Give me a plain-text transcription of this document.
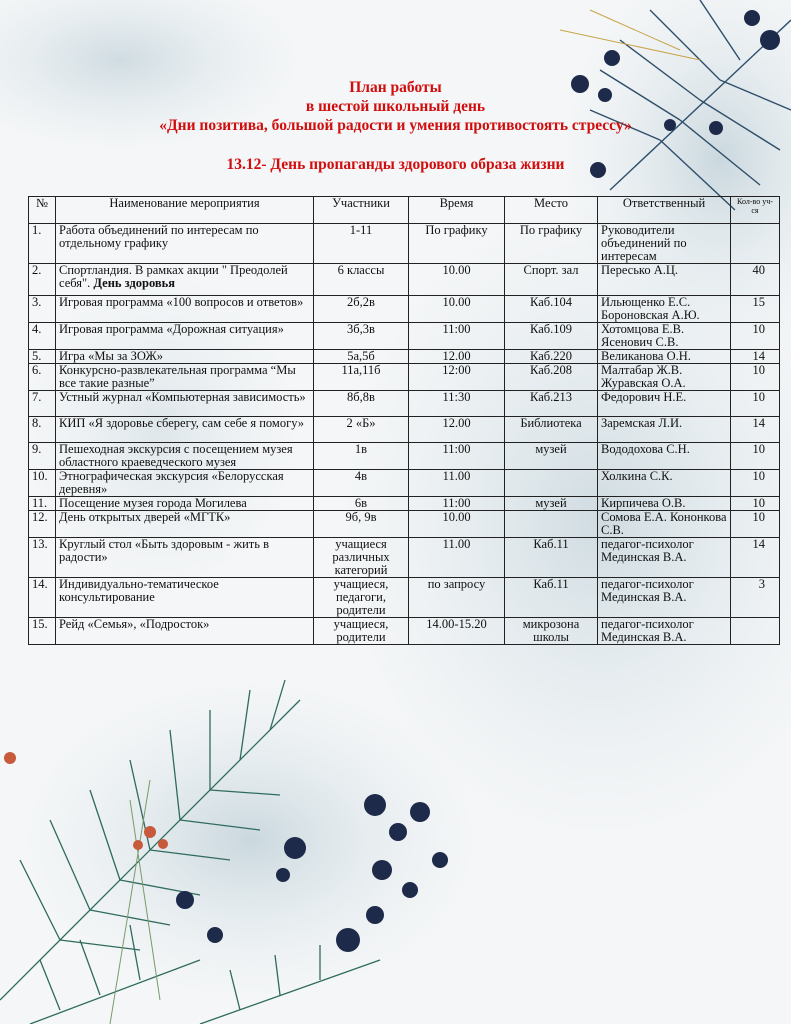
План работы
в шестой школьный день
«Дни позитива, большой радости и умения противостоять стрессу»
13.12- День пропаганды здорового образа жизни
№	Наименование мероприятия	Участники	Время	Место	Ответственный	Кол-во уч-ся
1.	Работа объединений по интересам по отдельному графику	1-11	По графику	По графику	Руководители объединений по интересам	
2.	Спортландия. В рамках акции " Преодолей себя". День здоровья	6 классы	10.00	Спорт. зал	Пересько А.Ц.	40
3.	Игровая программа «100 вопросов и ответов»	2б,2в	10.00	Каб.104	Ильющенко Е.С. Бороновская А.Ю.	15
4.	Игровая программа «Дорожная ситуация»	3б,3в	11:00	Каб.109	Хотомцова Е.В. Ясенович С.В.	10
5.	Игра «Мы за ЗОЖ»	5а,5б	12.00	Каб.220	Великанова О.Н.	14
6.	Конкурсно-развлекательная программа “Мы все такие разные”	11а,11б	12:00	Каб.208	Малтабар Ж.В. Журавская О.А.	10
7.	Устный журнал «Компьютерная зависимость»	8б,8в	11:30	Каб.213	Федорович Н.Е.	10
8.	КИП «Я здоровье сберегу, сам себе я помогу»	2 «Б»	12.00	Библиотека	Заремская Л.И.	14
9.	Пешеходная экскурсия с посещением музея областного краеведческого музея	1в	11:00	музей	Вододохова С.Н.	10
10.	Этнографическая экскурсия «Белорусская деревня»	4в	11.00		Холкина С.К.	10
11.	Посещение музея города Могилева	6в	11:00	музей	Кирпичева О.В.	10
12.	День открытых дверей «МГТК»	9б, 9в	10.00		Сомова Е.А. Кононкова С.В.	10
13.	Круглый стол «Быть здоровым - жить в радости»	учащиеся различных категорий	11.00	Каб.11	педагог-психолог Мединская В.А.	14
14.	Индивидуально-тематическое консультирование	учащиеся, педагоги, родители	по запросу	Каб.11	педагог-психолог Мединская В.А.	3
15.	Рейд «Семья», «Подросток»	учащиеся, родители	14.00-15.20	микрозона школы	педагог-психолог Мединская В.А.	
